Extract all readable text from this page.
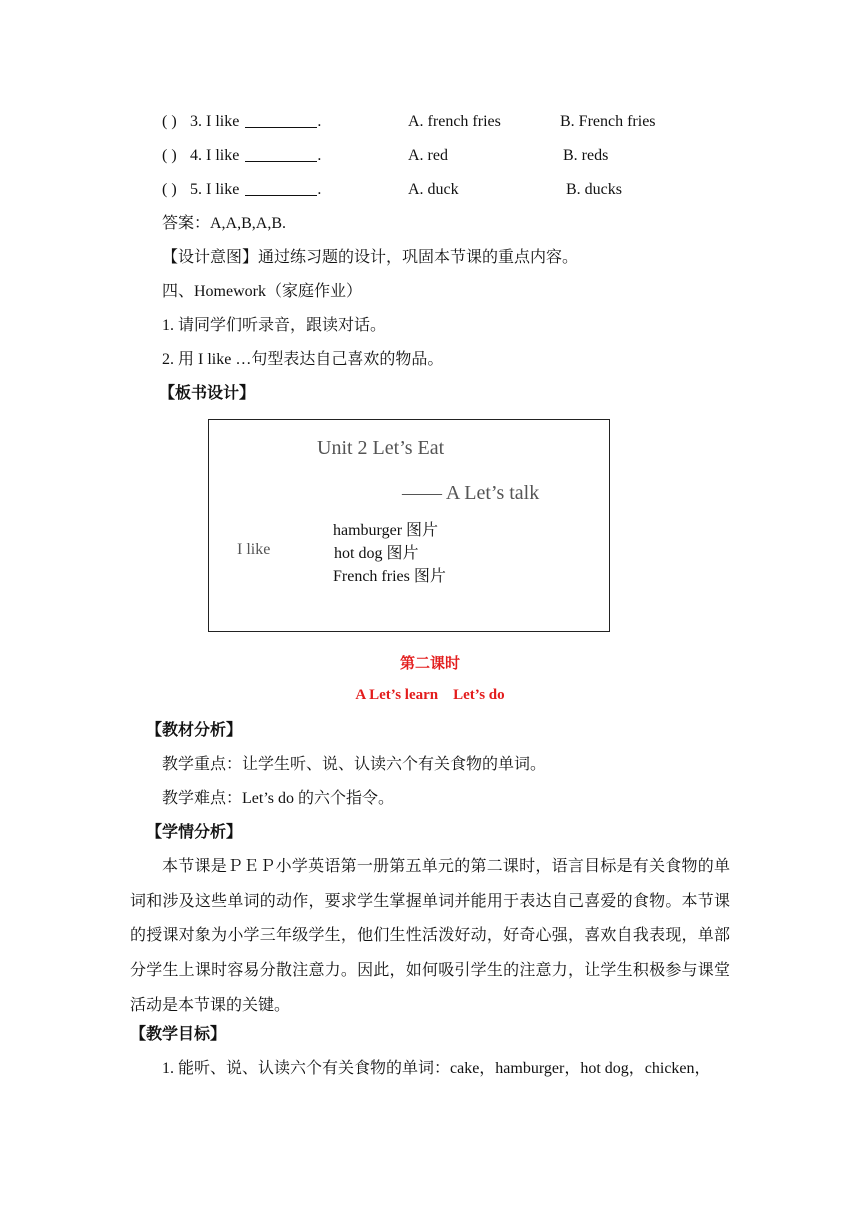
( ) 3. I like	.	A. french fries	B. French fries
( ) 4. I like	.	A. red	B. reds
( ) 5. I like	.	A. duck	B. ducks
答案：A,A,B,A,B.
【设计意图】通过练习题的设计，巩固本节课的重点内容。
四、Homework（家庭作业）
1. 请同学们听录音，跟读对话。
2. 用 I like …句型表达自己喜欢的物品。
【板书设计】
Unit 2 Let’s Eat
—— A Let’s talk
I like
hamburger 图片
hot dog 图片
French fries 图片
第二课时
A Let’s learn    Let’s do
【教材分析】
教学重点：让学生听、说、认读六个有关食物的单词。
教学难点：Let’s do 的六个指令。
【学情分析】
本节课是ＰＥＰ小学英语第一册第五单元的第二课时，语言目标是有关食物的单词和涉及这些单词的动作，要求学生掌握单词并能用于表达自己喜爱的食物。本节课的授课对象为小学三年级学生，他们生性活泼好动，好奇心强，喜欢自我表现，单部分学生上课时容易分散注意力。因此，如何吸引学生的注意力，让学生积极参与课堂活动是本节课的关键。
【教学目标】
1. 能听、说、认读六个有关食物的单词：cake，hamburger，hot dog，chicken，
